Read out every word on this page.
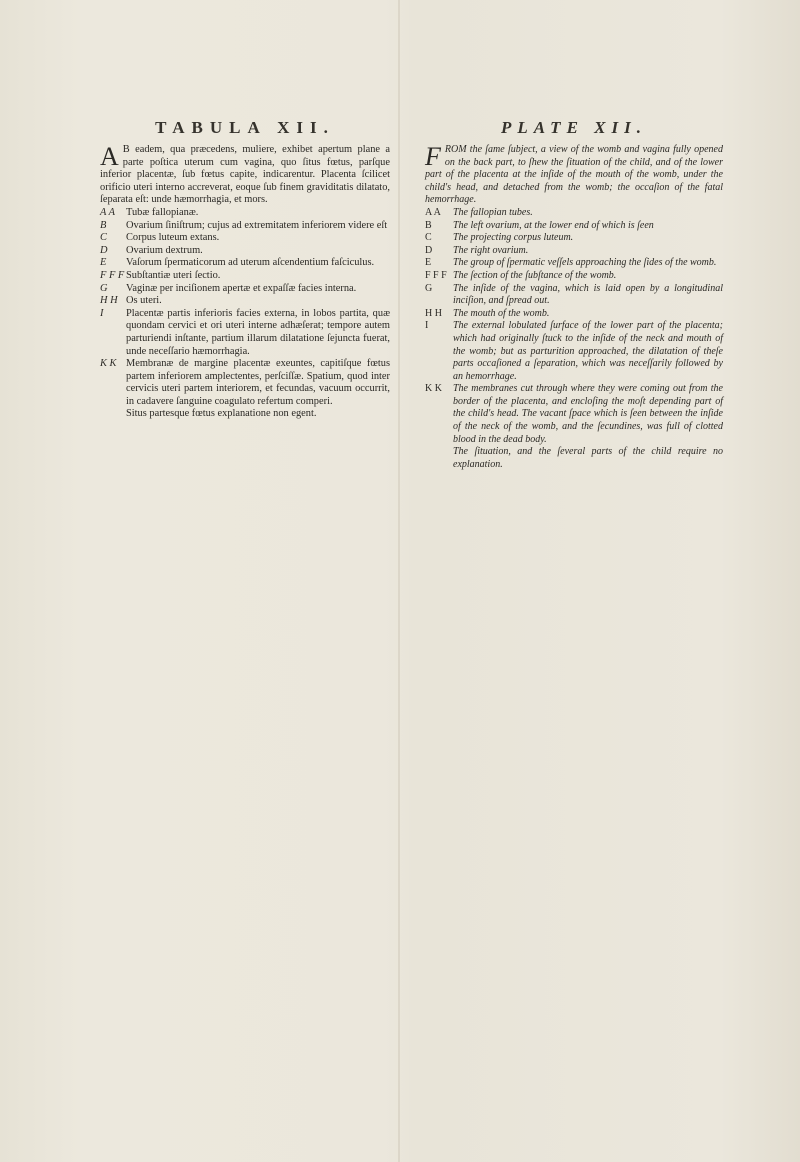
TABULA XII.
A B eadem, qua præcedens, muliere, exhibet apertum plane a parte poſtica uterum cum vagina, quo ſitus fœtus, parſque inferior placentæ, ſub fœtus capite, indicarentur. Placenta ſcilicet orificio uteri interno accreverat, eoque ſub finem graviditatis dilatato, ſeparata eſt: unde hæmorrhagia, et mors.
A A	Tubæ fallopianæ.
B	Ovarium ſiniſtrum; cujus ad extremitatem inferiorem videre eſt
C	Corpus luteum extans.
D	Ovarium dextrum.
E	Vaſorum ſpermaticorum ad uterum aſcendentium faſciculus.
F F F Subſtantiæ uteri ſectio.
G	Vaginæ per inciſionem apertæ et expaſſæ facies interna.
H H Os uteri.
I	Placentæ partis inferioris facies externa, in lobos partita, quæ quondam cervici et ori uteri interne adhæſerat; tempore autem parturiendi inſtante, partium illarum dilatatione ſejuncta fuerat, unde neceſſario hæmorrhagia.
K K Membranæ de margine placentæ exeuntes, capitiſque fœtus partem inferiorem amplectentes, perſciſſæ. Spatium, quod inter cervicis uteri partem interiorem, et fecundas, vacuum occurrit, in cadavere ſanguine coagulato refertum comperi.
Situs partesque fœtus explanatione non egent.
PLATE XII.
FROM the ſame ſubject, a view of the womb and vagina fully opened on the back part, to ſhew the ſituation of the child, and of the lower part of the placenta at the inſide of the mouth of the womb, under the child's head, and detached from the womb; the occaſion of the fatal hemorrhage.
A A	The fallopian tubes.
B	The left ovarium, at the lower end of which is ſeen
C	The projecting corpus luteum.
D	The right ovarium.
E	The group of ſpermatic veſſels approaching the ſides of the womb.
F F F The ſection of the ſubſtance of the womb.
G	The inſide of the vagina, which is laid open by a longitudinal inciſion, and ſpread out.
H H	The mouth of the womb.
I	The external lobulated ſurface of the lower part of the placenta; which had originally ſtuck to the inſide of the neck and mouth of the womb; but as parturition approached, the dilatation of theſe parts occaſioned a ſeparation, which was neceſſarily followed by an hemorrhage.
K K	The membranes cut through where they were coming out from the border of the placenta, and encloſing the moſt depending part of the child's head. The vacant ſpace which is ſeen between the inſide of the neck of the womb, and the ſecundines, was full of clotted blood in the dead body.
The ſituation, and the ſeveral parts of the child require no explanation.
